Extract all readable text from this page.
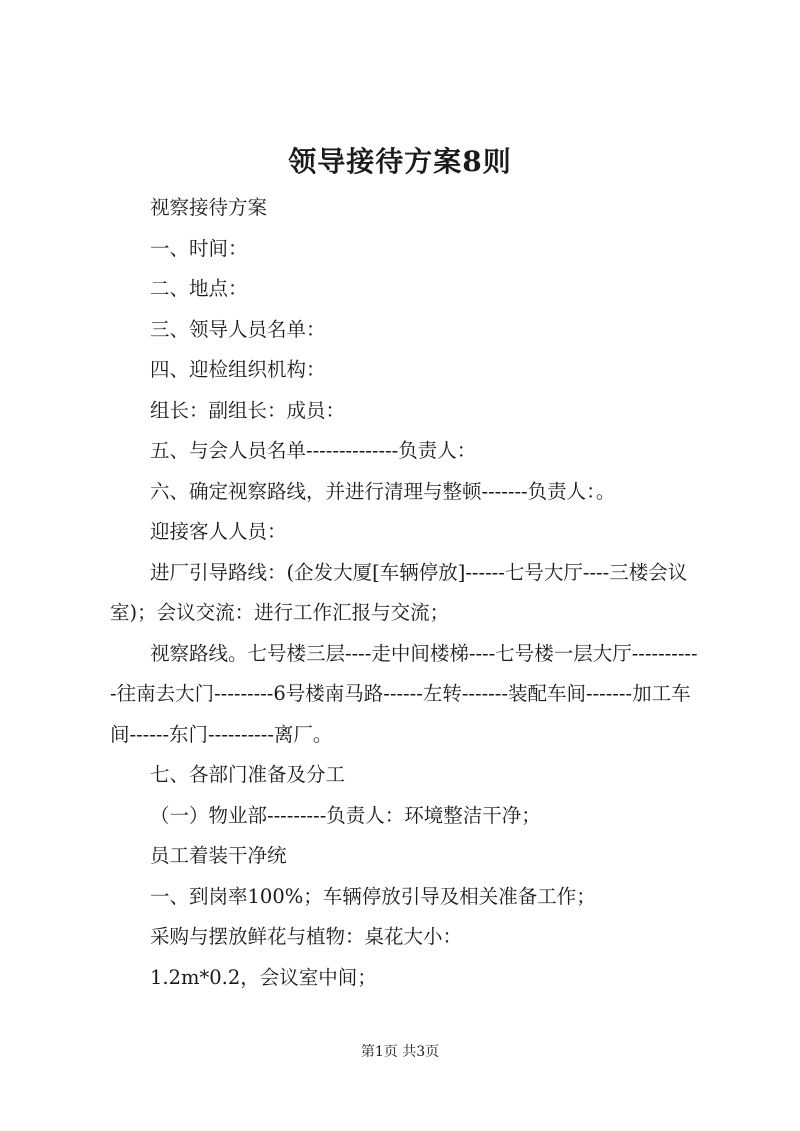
领导接待方案8则
视察接待方案
一、时间：
二、地点：
三、领导人员名单：
四、迎检组织机构：
组长：副组长：成员：
五、与会人员名单--------------负责人：
六、确定视察路线，并进行清理与整顿-------负责人：。
迎接客人人员：
进厂引导路线：(企发大厦[车辆停放]------七号大厅----三楼会议室)；会议交流：进行工作汇报与交流；
视察路线。七号楼三层----走中间楼梯----七号楼一层大厅-----------往南去大门---------6号楼南马路------左转-------装配车间-------加工车间------东门----------离厂。
七、各部门准备及分工
（一）物业部---------负责人：环境整洁干净；
员工着装干净统
一、到岗率100%；车辆停放引导及相关准备工作；
采购与摆放鲜花与植物：桌花大小：
1.2m*0.2，会议室中间；
第1页 共3页
